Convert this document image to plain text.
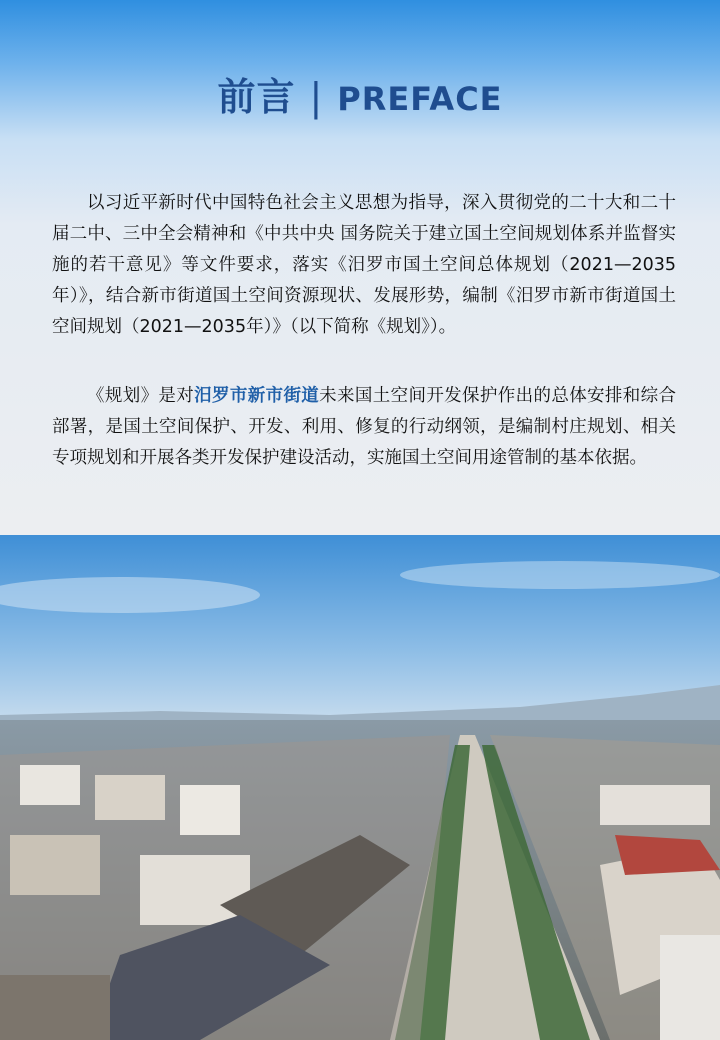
前言 | PREFACE

以习近平新时代中国特色社会主义思想为指导，深入贯彻党的二十大和二十届二中、三中全会精神和《中共中央 国务院关于建立国土空间规划体系并监督实施的若干意见》等文件要求，落实《汨罗市国土空间总体规划（2021—2035年）》，结合新市街道国土空间资源现状、发展形势，编制《汨罗市新市街道国土空间规划（2021—2035年）》（以下简称《规划》）。

《规划》是对汨罗市新市街道未来国土空间开发保护作出的总体安排和综合部署，是国土空间保护、开发、利用、修复的行动纲领，是编制村庄规划、相关专项规划和开展各类开发保护建设活动，实施国土空间用途管制的基本依据。
